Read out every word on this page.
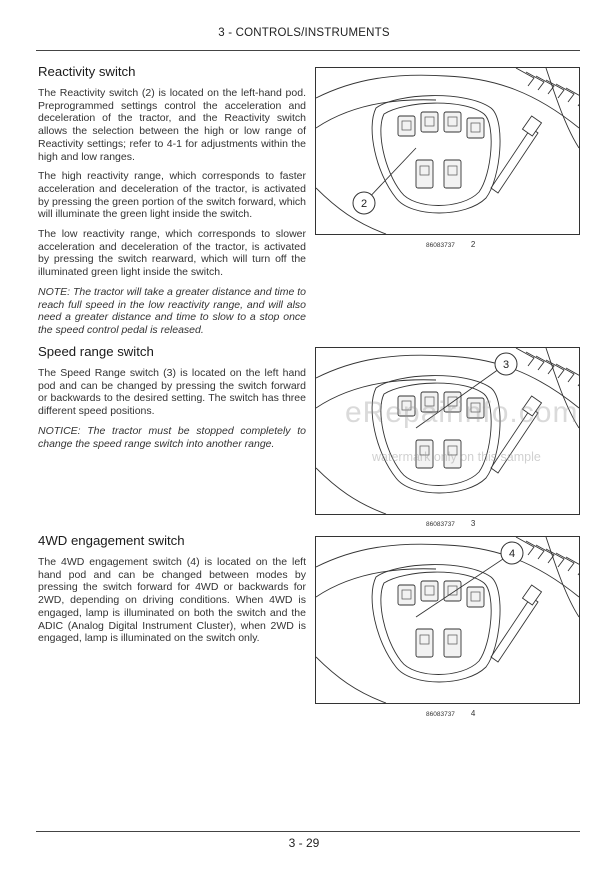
3 - CONTROLS/INSTRUMENTS
Reactivity switch

The Reactivity switch (2) is located on the left-hand pod. Preprogrammed settings control the acceleration and deceleration of the tractor, and the Reactivity switch allows the selection between the high or low range of Reactivity settings; refer to 4-1 for adjustments within the high and low ranges.

The high reactivity range, which corresponds to faster acceleration and deceleration of the tractor, is activated by pressing the green portion of the switch forward, which will illuminate the green light inside the switch.

The low reactivity range, which corresponds to slower acceleration and deceleration of the tractor, is activated by pressing the switch rearward, which will turn off the illuminated green light inside the switch.

NOTE: The tractor will take a greater distance and time to reach full speed in the low reactivity range, and will also need a greater distance and time to slow to a stop once the speed control pedal is released.

Speed range switch

The Speed Range switch (3) is located on the left hand pod and can be changed by pressing the switch forward or backwards to the desired setting. The switch has three different speed positions.

NOTICE: The tractor must be stopped completely to change the speed range switch into another range.

4WD engagement switch

The 4WD engagement switch (4) is located on the left hand pod and can be changed between modes by pressing the switch forward for 4WD or backwards for 2WD, depending on driving conditions. When 4WD is engaged, lamp is illuminated on both the switch and the ADIC (Analog Digital Instrument Cluster), when 2WD is engaged, lamp is illuminated on the switch only.

2
86083737 2
3
86083737 3
4
86083737 4
eRepairinfo.com
watermark only on this sample
3 - 29
